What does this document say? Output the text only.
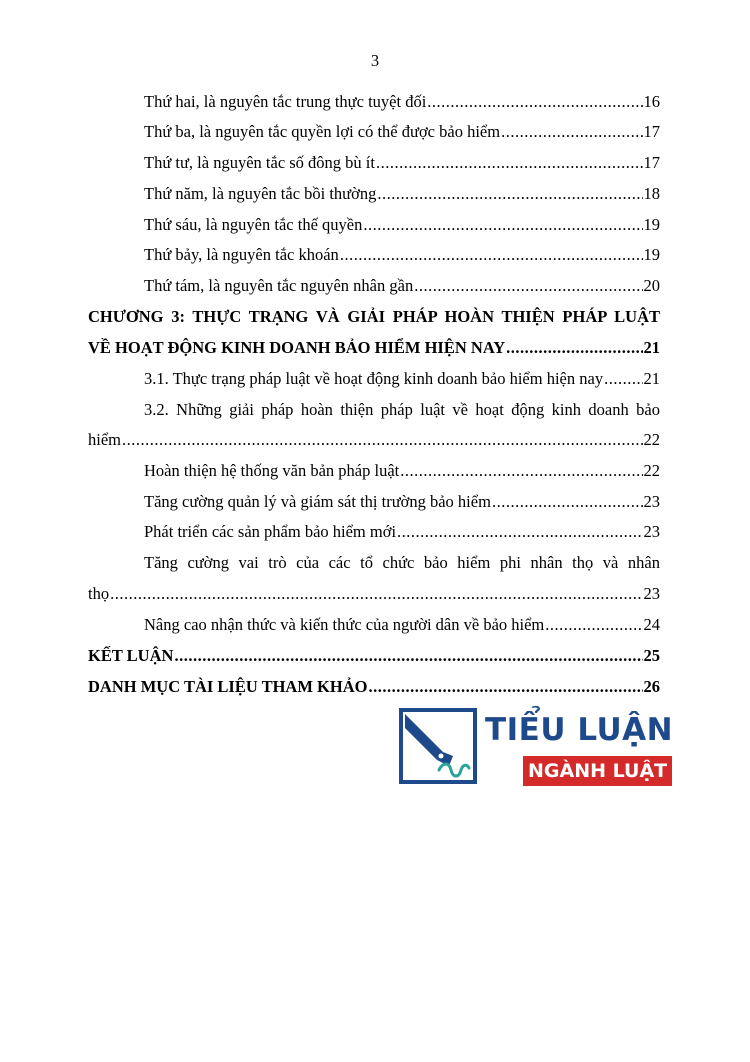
3
Thứ hai, là nguyên tắc trung thực tuyệt đối .....	16
Thứ ba, là nguyên tắc quyền lợi có thể được bảo hiểm .....	17
Thứ tư, là nguyên tắc số đông bù ít .....	17
Thứ năm, là nguyên tắc bồi thường .....	18
Thứ sáu, là nguyên tắc thế quyền .....	19
Thứ bảy, là nguyên tắc khoán .....	19
Thứ tám, là nguyên tắc nguyên nhân gần .....	20
CHƯƠNG 3: THỰC TRẠNG VÀ GIẢI PHÁP HOÀN THIỆN PHÁP LUẬT
VỀ HOẠT ĐỘNG KINH DOANH BẢO HIỂM HIỆN NAY .....	21
3.1. Thực trạng pháp luật về hoạt động kinh doanh bảo hiểm hiện nay ..... 21
3.2. Những giải pháp hoàn thiện pháp luật về hoạt động kinh doanh bảo
hiểm .....	22
Hoàn thiện hệ thống văn bản pháp luật .....	22
Tăng cường quản lý và giám sát thị trường bảo hiểm .....	23
Phát triển các sản phẩm bảo hiểm mới .....	23
Tăng cường vai trò của các tổ chức bảo hiểm phi nhân thọ và nhân
thọ .....	23
Nâng cao nhận thức và kiến thức của người dân về bảo hiểm .....	24
KẾT LUẬN .....	25
DANH MỤC TÀI LIỆU THAM KHẢO .....	26
TIỂU LUẬN
NGÀNH LUẬT
